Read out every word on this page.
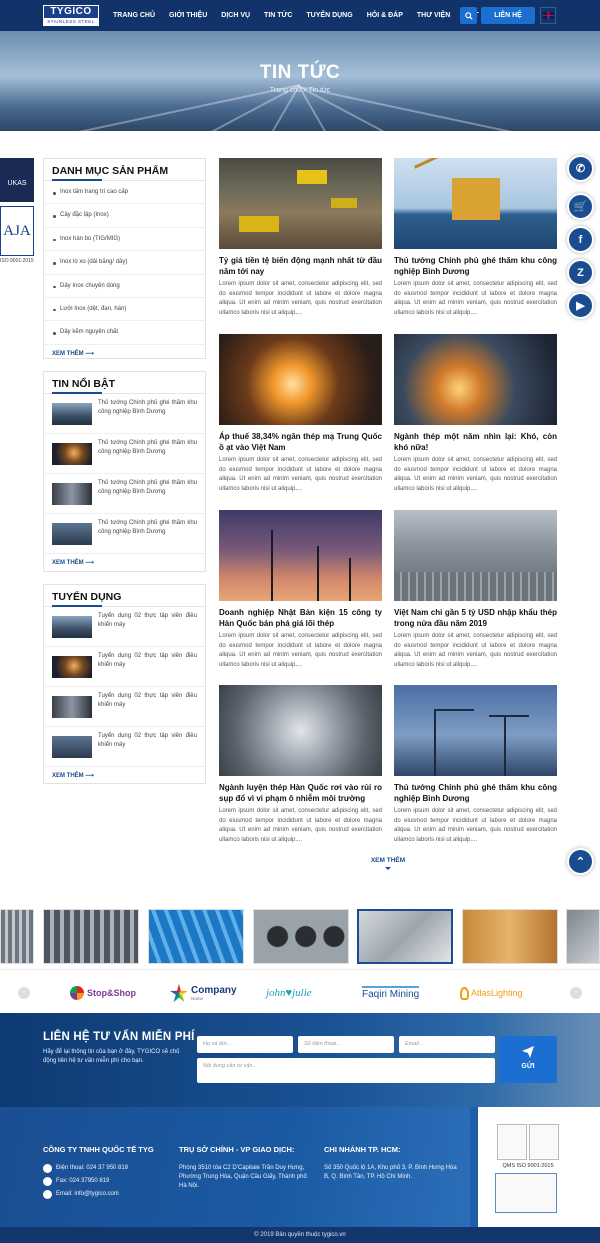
TYGICO
STAINLESS STEEL
TRANG CHỦ	GIỚI THIỆU	DỊCH VỤ	TIN TỨC	TUYỂN DỤNG	HỎI & ĐÁP	THƯ VIỆN	LIÊN HỆ
TIN TỨC
Trang chủ » Tin tức
UKAS
AJA
ISO 9001:2015
DANH MỤC SẢN PHẨM
Inox tấm trang trí cao cấp
Cây đặc lập (Inox)
Inox hàn bù (TIG/MIG)
Inox lò xo (dải băng/ dây)
Dây Inox chuyên dùng
Lưới Inox (dệt, đan, hàn)
Dây kẽm nguyên chất
XEM THÊM ⟶
TIN NỔI BẬT
Thủ tướng Chính phủ ghé thăm khu công nghiệp Bình Dương
Thủ tướng Chính phủ ghé thăm khu công nghiệp Bình Dương
Thủ tướng Chính phủ ghé thăm khu công nghiệp Bình Dương
Thủ tướng Chính phủ ghé thăm khu công nghiệp Bình Dương
XEM THÊM ⟶
TUYỂN DỤNG
Tuyển dụng 02 thực tập viên điều khiển máy
Tuyển dụng 02 thực tập viên điều khiển máy
Tuyển dụng 02 thực tập viên điều khiển máy
Tuyển dụng 02 thực tập viên điều khiển máy
XEM THÊM ⟶
Tỷ giá tiền tệ biến động mạnh nhất từ đầu năm tới nay

Lorem ipsum dolor sit amet, consectetur adipiscing elit, sed do eiusmod tempor incididunt ut labore et dolore magna aliqua. Ut enim ad minim veniam, quis nostrud exercitation ullamco laboris nisi ut aliquip....

Thủ tướng Chính phủ ghé thăm khu công nghiệp Bình Dương

Lorem ipsum dolor sit amet, consectetur adipiscing elit, sed do eiusmod tempor incididunt ut labore et dolore magna aliqua. Ut enim ad minim veniam, quis nostrud exercitation ullamco laboris nisi ut aliquip....

Áp thuế 38,34% ngăn thép mạ Trung Quốc ồ ạt vào Việt Nam

Lorem ipsum dolor sit amet, consectetur adipiscing elit, sed do eiusmod tempor incididunt ut labore et dolore magna aliqua. Ut enim ad minim veniam, quis nostrud exercitation ullamco laboris nisi ut aliquip....

Ngành thép một năm nhìn lại: Khó, còn khó nữa!

Lorem ipsum dolor sit amet, consectetur adipiscing elit, sed do eiusmod tempor incididunt ut labore et dolore magna aliqua. Ut enim ad minim veniam, quis nostrud exercitation ullamco laboris nisi ut aliquip....

Doanh nghiệp Nhật Bản kiện 15 công ty Hàn Quốc bán phá giá lõi thép

Lorem ipsum dolor sit amet, consectetur adipiscing elit, sed do eiusmod tempor incididunt ut labore et dolore magna aliqua. Ut enim ad minim veniam, quis nostrud exercitation ullamco laboris nisi ut aliquip....

Việt Nam chi gần 5 tỷ USD nhập khẩu thép trong nửa đầu năm 2019

Lorem ipsum dolor sit amet, consectetur adipiscing elit, sed do eiusmod tempor incididunt ut labore et dolore magna aliqua. Ut enim ad minim veniam, quis nostrud exercitation ullamco laboris nisi ut aliquip....

Ngành luyện thép Hàn Quốc rơi vào rủi ro sụp đổ vì vi phạm ô nhiễm môi trường

Lorem ipsum dolor sit amet, consectetur adipiscing elit, sed do eiusmod tempor incididunt ut labore et dolore magna aliqua. Ut enim ad minim veniam, quis nostrud exercitation ullamco laboris nisi ut aliquip....

Thủ tướng Chính phủ ghé thăm khu công nghiệp Bình Dương

Lorem ipsum dolor sit amet, consectetur adipiscing elit, sed do eiusmod tempor incididunt ut labore et dolore magna aliqua. Ut enim ad minim veniam, quis nostrud exercitation ullamco laboris nisi ut aliquip....

XEM THÊM
✆
🛒
f
Z
▶
⌃
‹	Stop&Shop	Company
Name	john♥julie	Faqiri Mining	AtlasLighting	›
LIÊN HỆ TƯ VẤN MIỄN PHÍ
Hãy để lại thông tin của bạn ở đây, TYGICO sẽ chủ động liên hệ tư vấn miễn phí cho bạn.
Họ và tên...	Số điện thoại...	Email...
Nội dung cần tư vấn...	GỬI
CÔNG TY TNHH QUỐC TẾ TYG
Điện thoại: 024 37 950 818
Fax: 024 37950 819
Email: info@tygico.com
TRỤ SỞ CHÍNH - VP GIAO DỊCH:

Phòng 3510 tòa C2 D'Capitale Trần Duy Hưng, Phường Trung Hòa, Quận Cầu Giấy, Thành phố Hà Nội.

CHI NHÁNH TP. HCM:

Số 350 Quốc lộ 1A, Khu phố 3, P. Bình Hưng Hòa B, Q. Bình Tân, TP. Hồ Chí Minh.

QMS ISO 9001:2015
© 2019 Bản quyền thuộc tygico.vn
